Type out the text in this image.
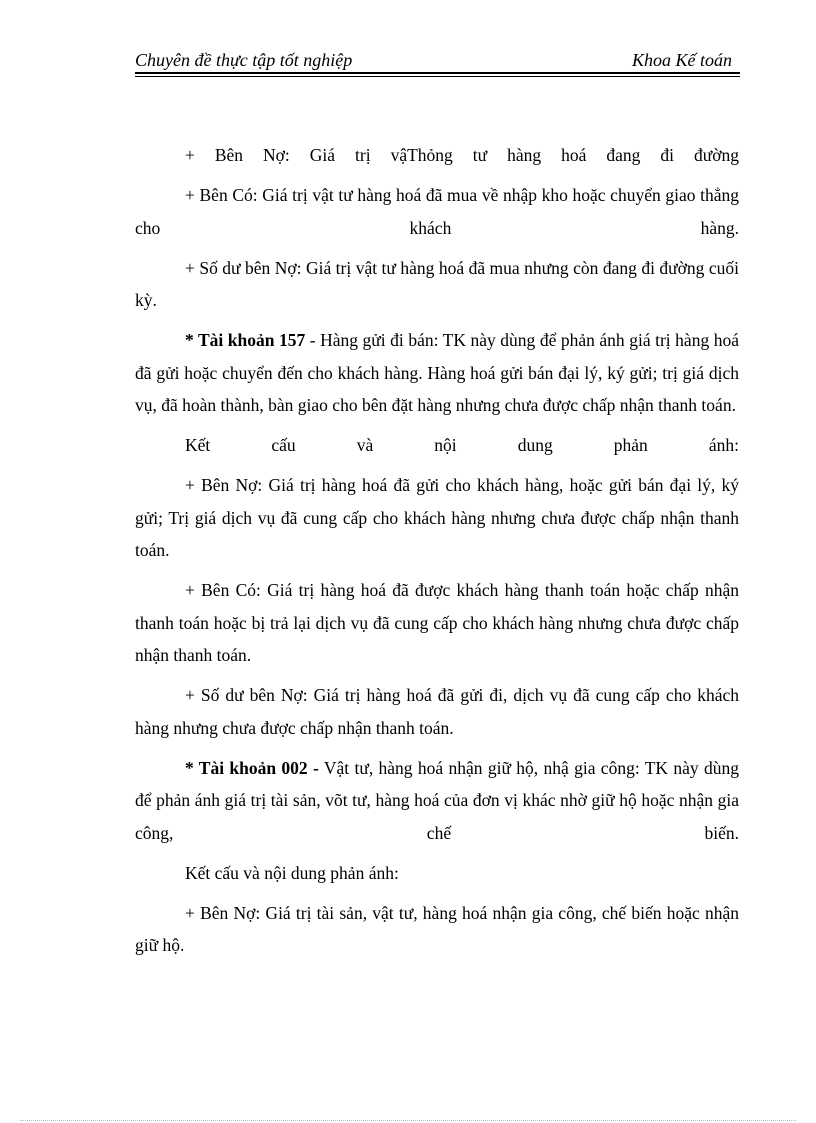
Chuyên đề thực tập tốt nghiệp	Khoa Kế toán

+ Bên Nợ: Giá trị vậThỏng tư hàng hoá đang đi đường

+ Bên Có: Giá trị vật tư hàng hoá đã mua về nhập kho hoặc chuyển giao thẳng cho khách hàng.

+ Số dư bên Nợ: Giá trị vật tư hàng hoá đã mua nhưng còn đang đi đường cuối kỳ.

* Tài khoản 157 - Hàng gửi đi bán: TK này dùng để phản ánh giá trị hàng hoá đã gửi hoặc chuyển đến cho khách hàng. Hàng hoá gửi bán đại lý, ký gửi; trị giá dịch vụ, đã hoàn thành, bàn giao cho bên đặt hàng nhưng chưa được chấp nhận thanh toán.

Kết cấu và nội dung phản ánh:

+ Bên Nợ: Giá trị hàng hoá đã gửi cho khách hàng, hoặc gửi bán đại lý, ký gửi; Trị giá dịch vụ đã cung cấp cho khách hàng nhưng chưa được chấp nhận thanh toán.

+ Bên Có: Giá trị hàng hoá đã được khách hàng thanh toán hoặc chấp nhận thanh toán hoặc bị trả lại dịch vụ đã cung cấp cho khách hàng nhưng chưa được chấp nhận thanh toán.

+ Số dư bên Nợ: Giá trị hàng hoá đã gửi đi, dịch vụ đã cung cấp cho khách hàng nhưng chưa được chấp nhận thanh toán.

* Tài khoản 002 - Vật tư, hàng hoá nhận giữ hộ, nhậ gia công: TK này dùng để phản ánh giá trị tài sản, võt tư, hàng hoá của đơn vị khác nhờ giữ hộ hoặc nhận gia công, chế biến.

Kết cấu và nội dung phản ánh:

+ Bên Nợ: Giá trị tài sản, vật tư, hàng hoá nhận gia công, chế biến hoặc nhận giữ hộ.
